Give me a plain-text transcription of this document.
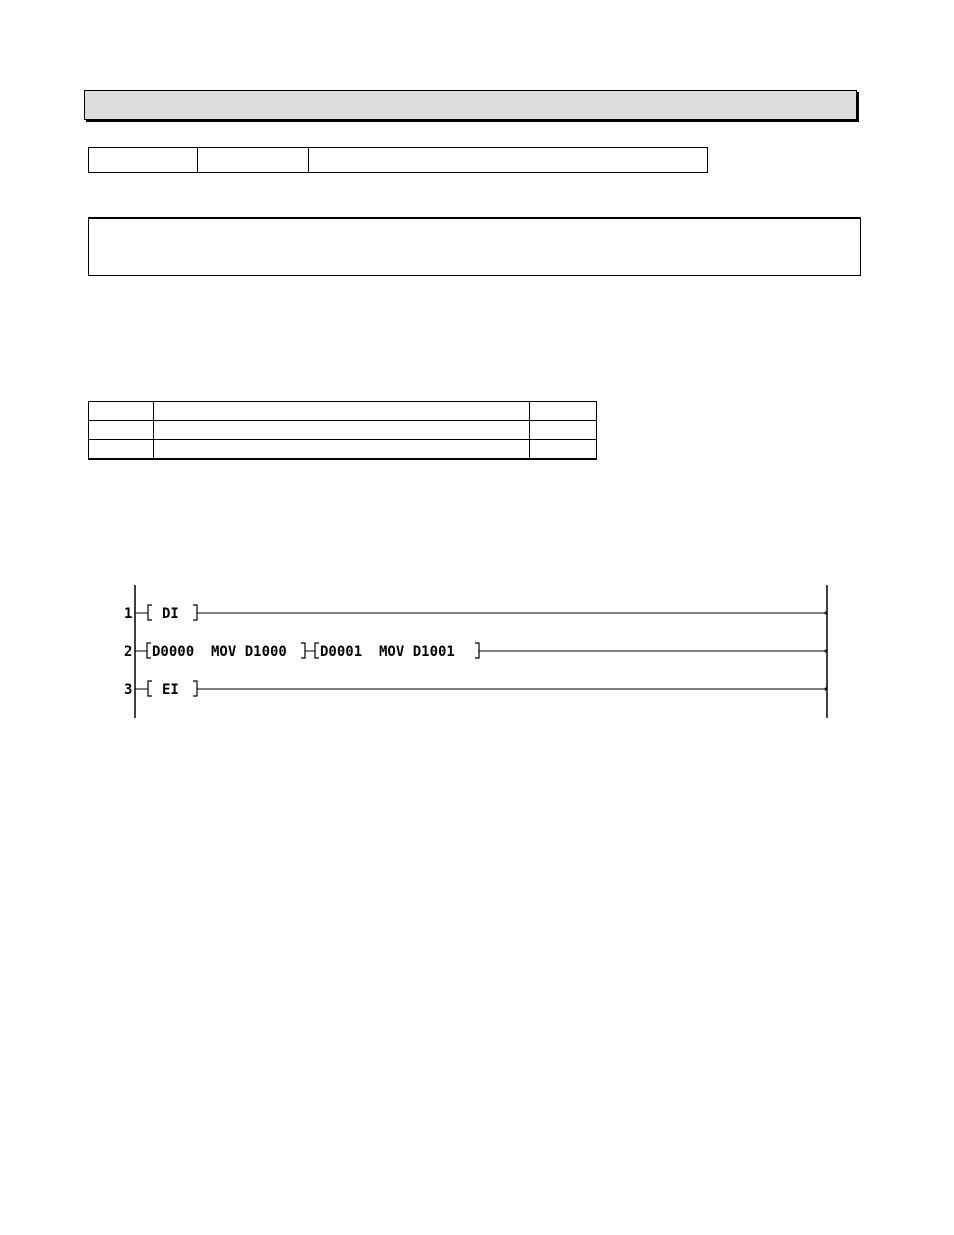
1 DI
2 D0000  MOV D1000 D0001  MOV D1001
3 EI
